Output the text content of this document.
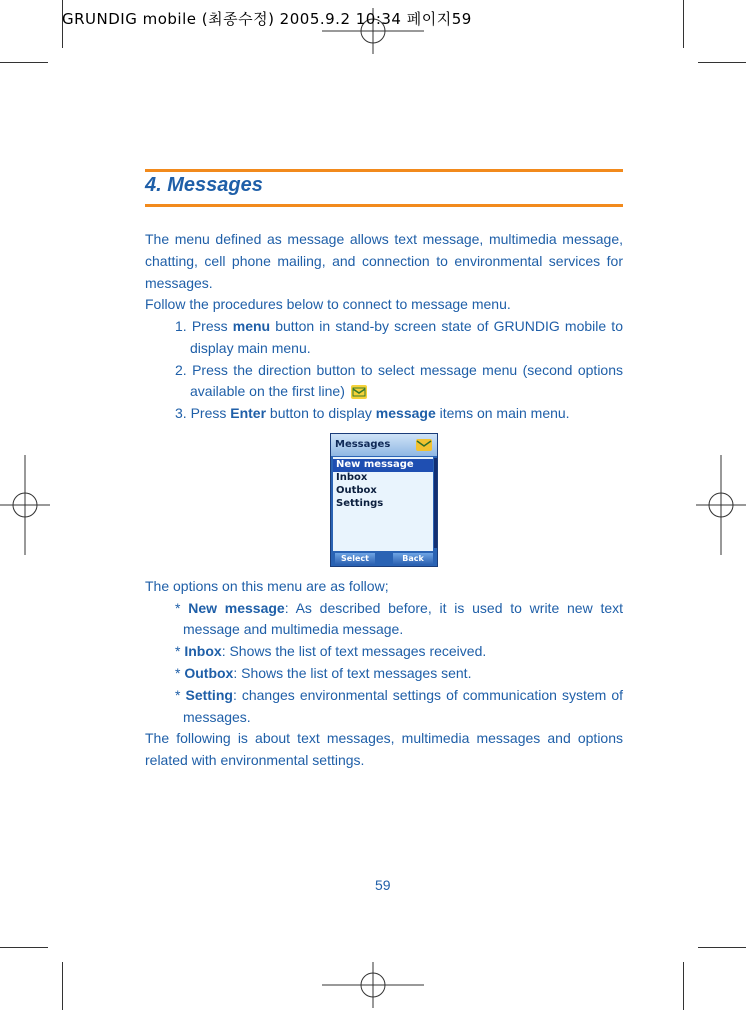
GRUNDIG mobile (최종수정) 2005.9.2 10:34 페이지59
4. Messages
The menu defined as message allows text message, multimedia message,
chatting, cell phone mailing, and connection to environmental services for
messages.
Follow the procedures below to connect to message menu.
1. Press menu button in stand-by screen state of GRUNDIG mobile to
display main menu.
2. Press the direction button to select message menu (second options
available on the first line)
3. Press Enter button to display message items on main menu.
Messages
New message
Inbox
Outbox
Settings
Select	Back
The options on this menu are as follow;
* New message: As described before, it is used to write new text
message and multimedia message.
* Inbox: Shows the list of text messages received.
* Outbox: Shows the list of text messages sent.
* Setting: changes environmental settings of communication system of
messages.
The following is about text messages, multimedia messages and options
related with environmental settings.
59
